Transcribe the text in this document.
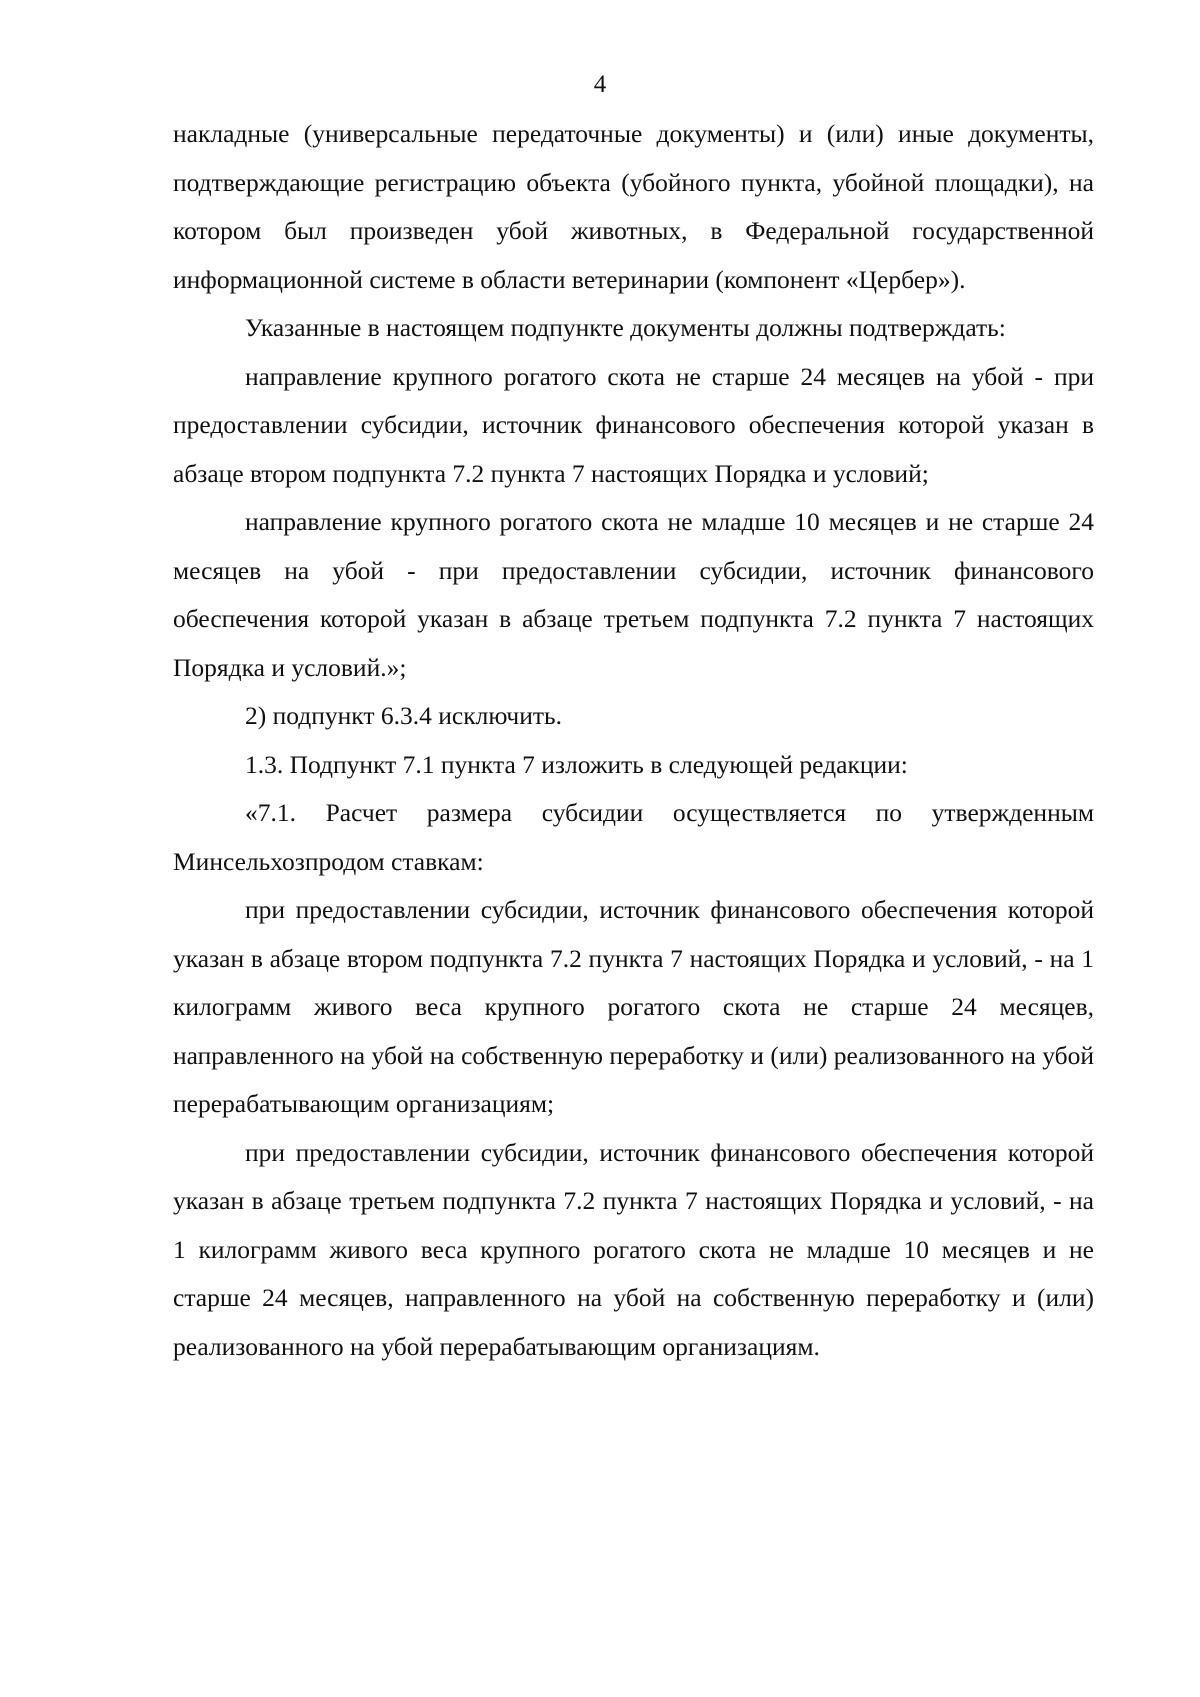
4

накладные (универсальные передаточные документы) и (или) иные документы, подтверждающие регистрацию объекта (убойного пункта, убойной площадки), на котором был произведен убой животных, в Федеральной государственной информационной системе в области ветеринарии (компонент «Цербер»).

Указанные в настоящем подпункте документы должны подтверждать:

направление крупного рогатого скота не старше 24 месяцев на убой - при предоставлении субсидии, источник финансового обеспечения которой указан в абзаце втором подпункта 7.2 пункта 7 настоящих Порядка и условий;

направление крупного рогатого скота не младше 10 месяцев и не старше 24 месяцев на убой - при предоставлении субсидии, источник финансового обеспечения которой указан в абзаце третьем подпункта 7.2 пункта 7 настоящих Порядка и условий.»;

2) подпункт 6.3.4 исключить.

1.3. Подпункт 7.1 пункта 7 изложить в следующей редакции:

«7.1. Расчет размера субсидии осуществляется по утвержденным Минсельхозпродом ставкам:

при предоставлении субсидии, источник финансового обеспечения которой указан в абзаце втором подпункта 7.2 пункта 7 настоящих Порядка и условий, - на 1 килограмм живого веса крупного рогатого скота не старше 24 месяцев, направленного на убой на собственную переработку и (или) реализованного на убой перерабатывающим организациям;

при предоставлении субсидии, источник финансового обеспечения которой указан в абзаце третьем подпункта 7.2 пункта 7 настоящих Порядка и условий, - на 1 килограмм живого веса крупного рогатого скота не младше 10 месяцев и не старше 24 месяцев, направленного на убой на собственную переработку и (или) реализованного на убой перерабатывающим организациям.
